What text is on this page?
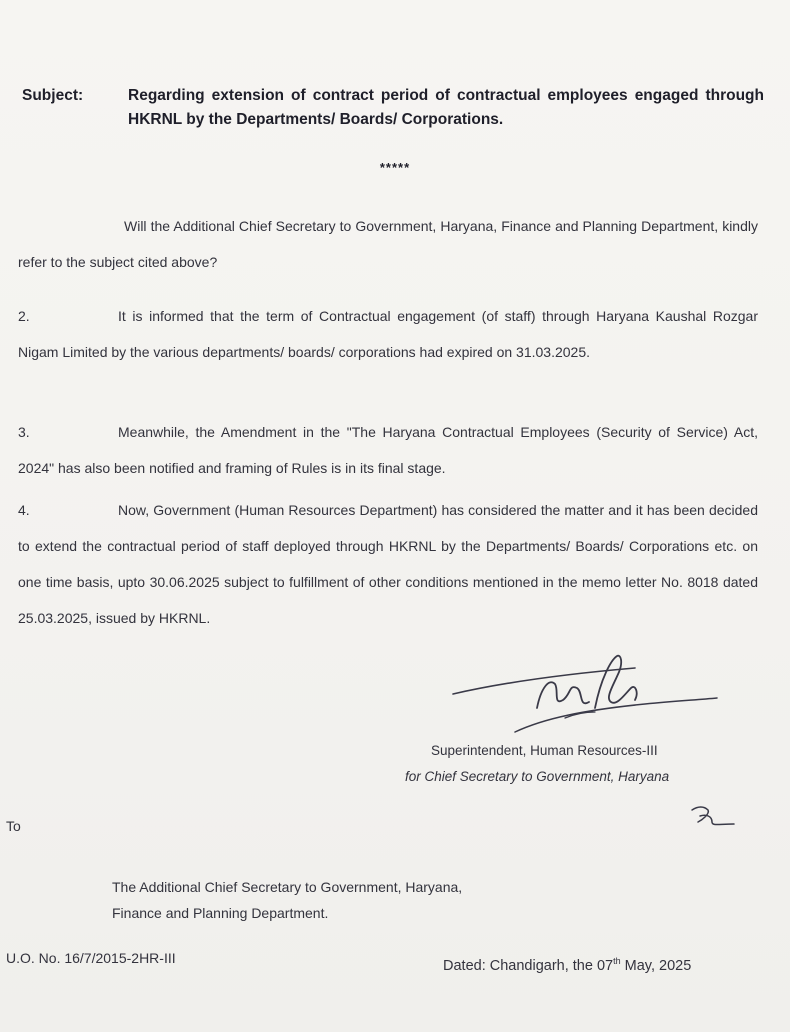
Subject:	Regarding extension of contract period of contractual employees engaged through HKRNL by the Departments/ Boards/ Corporations.
*****
Will the Additional Chief Secretary to Government, Haryana, Finance and Planning Department, kindly refer to the subject cited above?
2.	It is informed that the term of Contractual engagement (of staff) through Haryana Kaushal Rozgar Nigam Limited by the various departments/ boards/ corporations had expired on 31.03.2025.
3.	Meanwhile, the Amendment in the "The Haryana Contractual Employees (Security of Service) Act, 2024" has also been notified and framing of Rules is in its final stage.
4.	Now, Government (Human Resources Department) has considered the matter and it has been decided to extend the contractual period of staff deployed through HKRNL by the Departments/ Boards/ Corporations etc. on one time basis, upto 30.06.2025 subject to fulfillment of other conditions mentioned in the memo letter No. 8018 dated 25.03.2025, issued by HKRNL.
Superintendent, Human Resources-III
for Chief Secretary to Government, Haryana
To
The Additional Chief Secretary to Government, Haryana,
Finance and Planning Department.
U.O. No. 16/7/2015-2HR-III	Dated: Chandigarh, the 07th May, 2025
